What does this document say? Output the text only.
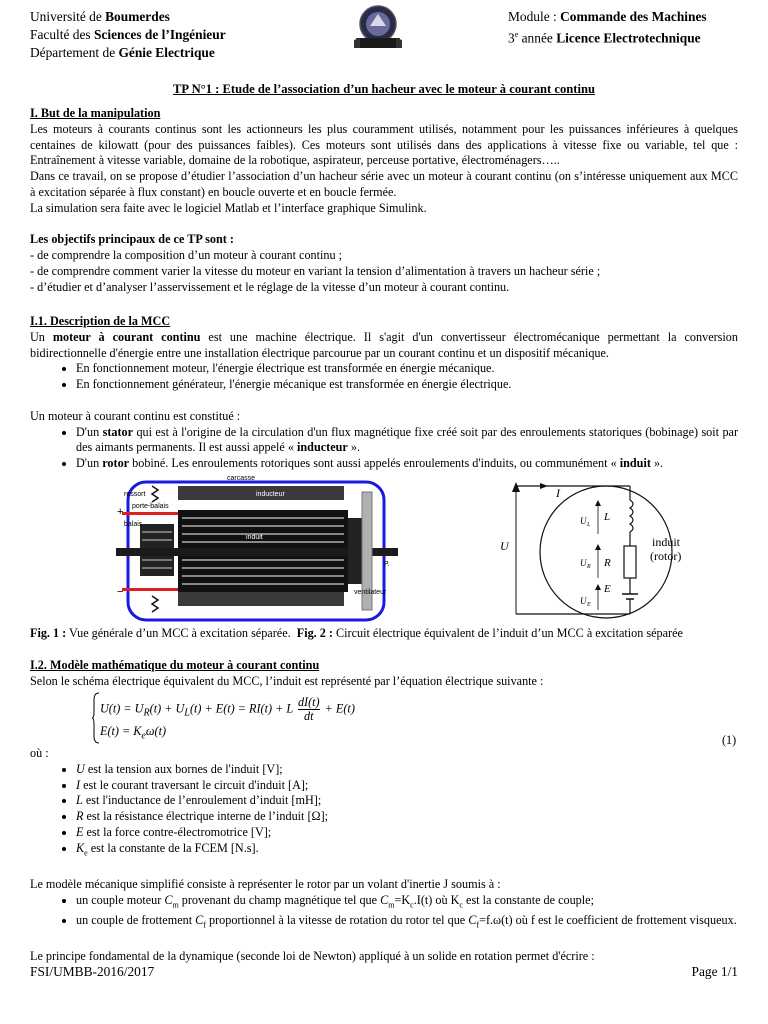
Université de Boumerdes
Faculté des Sciences de l’Ingénieur
Département de Génie Electrique
Module : Commande des Machines
3e année Licence Electrotechnique
TP N°1 : Etude de l’association d’un hacheur avec le moteur à courant continu
I. But de la manipulation
Les moteurs à courants continus sont les actionneurs les plus couramment utilisés, notamment pour les puissances inférieures à quelques centaines de kilowatt (pour des puissances faibles). Ces moteurs sont utilisés dans des applications à vitesse fixe ou variable, tel que : Entraînement à vitesse variable, domaine de la robotique, aspirateur, perceuse portative, électroménagers…..
Dans ce travail, on se propose d’étudier l’association d’un hacheur série avec un moteur à courant continu (on s’intéresse uniquement aux MCC à excitation séparée à flux constant) en boucle ouverte et en boucle fermée.
La simulation sera faite avec le logiciel Matlab et l’interface graphique Simulink.
Les objectifs principaux de ce TP sont :
- de comprendre la composition d’un moteur à courant continu ;
- de comprendre comment varier la vitesse du moteur en variant la tension d’alimentation à travers un hacheur série ;
- d’étudier et d’analyser l’asservissement et le réglage de la vitesse d’un moteur à courant continu.
I.1. Description de la MCC
Un moteur à courant continu est une machine électrique. Il s'agit d'un convertisseur électromécanique permettant la conversion bidirectionnelle d'énergie entre une installation électrique parcourue par un courant continu et un dispositif mécanique.
• En fonctionnement moteur, l'énergie électrique est transformée en énergie mécanique.
• En fonctionnement générateur, l'énergie mécanique est transformée en énergie électrique.
Un moteur à courant continu est constitué :
• D'un stator qui est à l'origine de la circulation d'un flux magnétique fixe créé soit par des enroulements statoriques (bobinage) soit par des aimants permanents. Il est aussi appelé « inducteur ».
• D'un rotor bobiné. Les enroulements rotoriques sont aussi appelés enroulements d'induits, ou communément « induit ».
carcasse
ressort
porte-balais
balais
inducteur
induit
ventilateur
+
−
P.
I
U
U L
U R
U E
L
R
E
induit
(rotor)
Fig. 1 : Vue générale d’un MCC à excitation séparée. Fig. 2 : Circuit électrique équivalent de l’induit d’un MCC à excitation séparée
I.2. Modèle mathématique du moteur à courant continu
Selon le schéma électrique équivalent du MCC, l’induit est représenté par l’équation électrique suivante :
$U(t) = U_R(t) + U_L(t) + E(t) = RI(t) + L \frac{dI(t)}{dt} + E(t)$
$E(t) = K_e\omega(t)$
(1)
où :
• U est la tension aux bornes de l'induit [V];
• I est le courant traversant le circuit d'induit [A];
• L est l'inductance de l’enroulement d’induit [mH];
• R est la résistance électrique interne de l’induit [Ω];
• E est la force contre-électromotrice [V];
• $K_e$ est la constante de la FCEM [N.s].
Le modèle mécanique simplifié consiste à représenter le rotor par un volant d'inertie J soumis à :
• un couple moteur $C_m$ provenant du champ magnétique tel que $C_m=K_c.I(t)$ où $K_c$ est la constante de couple;
• un couple de frottement $C_f$ proportionnel à la vitesse de rotation du rotor tel que $C_f=f.\omega(t)$ où f est le coefficient de frottement visqueux.
Le principe fondamental de la dynamique (seconde loi de Newton) appliqué à un solide en rotation permet d'écrire :
FSI/UMBB-2016/2017	Page 1/1
